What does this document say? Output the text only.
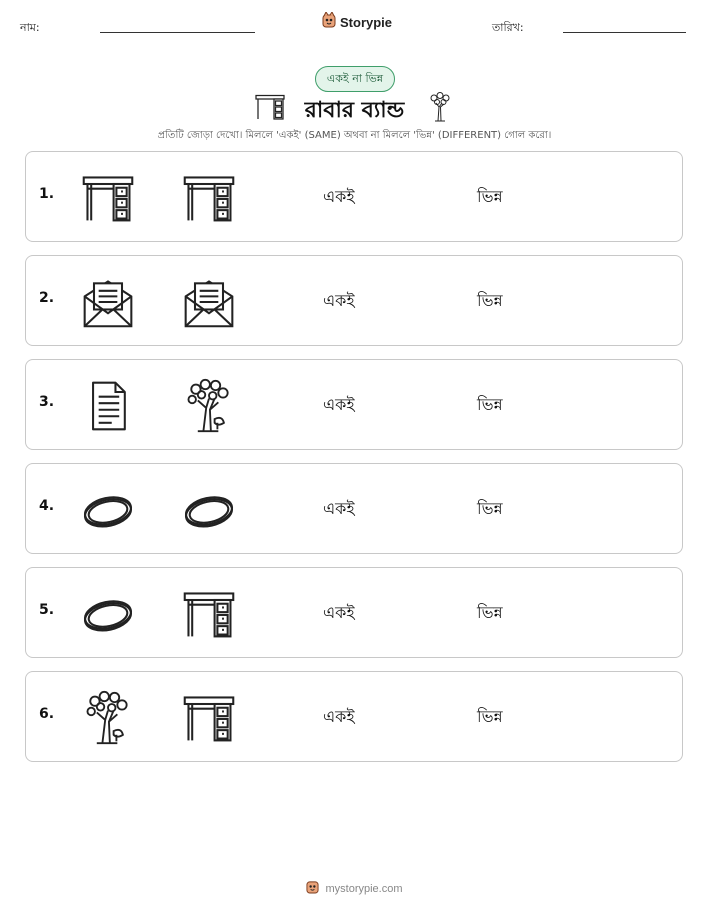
নাম:	Storypie	তারিখ:
একই না ভিন্ন
রাবার ব্যান্ড
প্রতিটি জোড়া দেখো। মিললে 'একই' (SAME) অথবা না মিললে 'ভিন্ন' (DIFFERENT) গোল করো।
1.	একই	ভিন্ন
2.	একই	ভিন্ন
3.	একই	ভিন্ন
4.	একই	ভিন্ন
5.	একই	ভিন্ন
6.	একই	ভিন্ন
mystorypie.com
